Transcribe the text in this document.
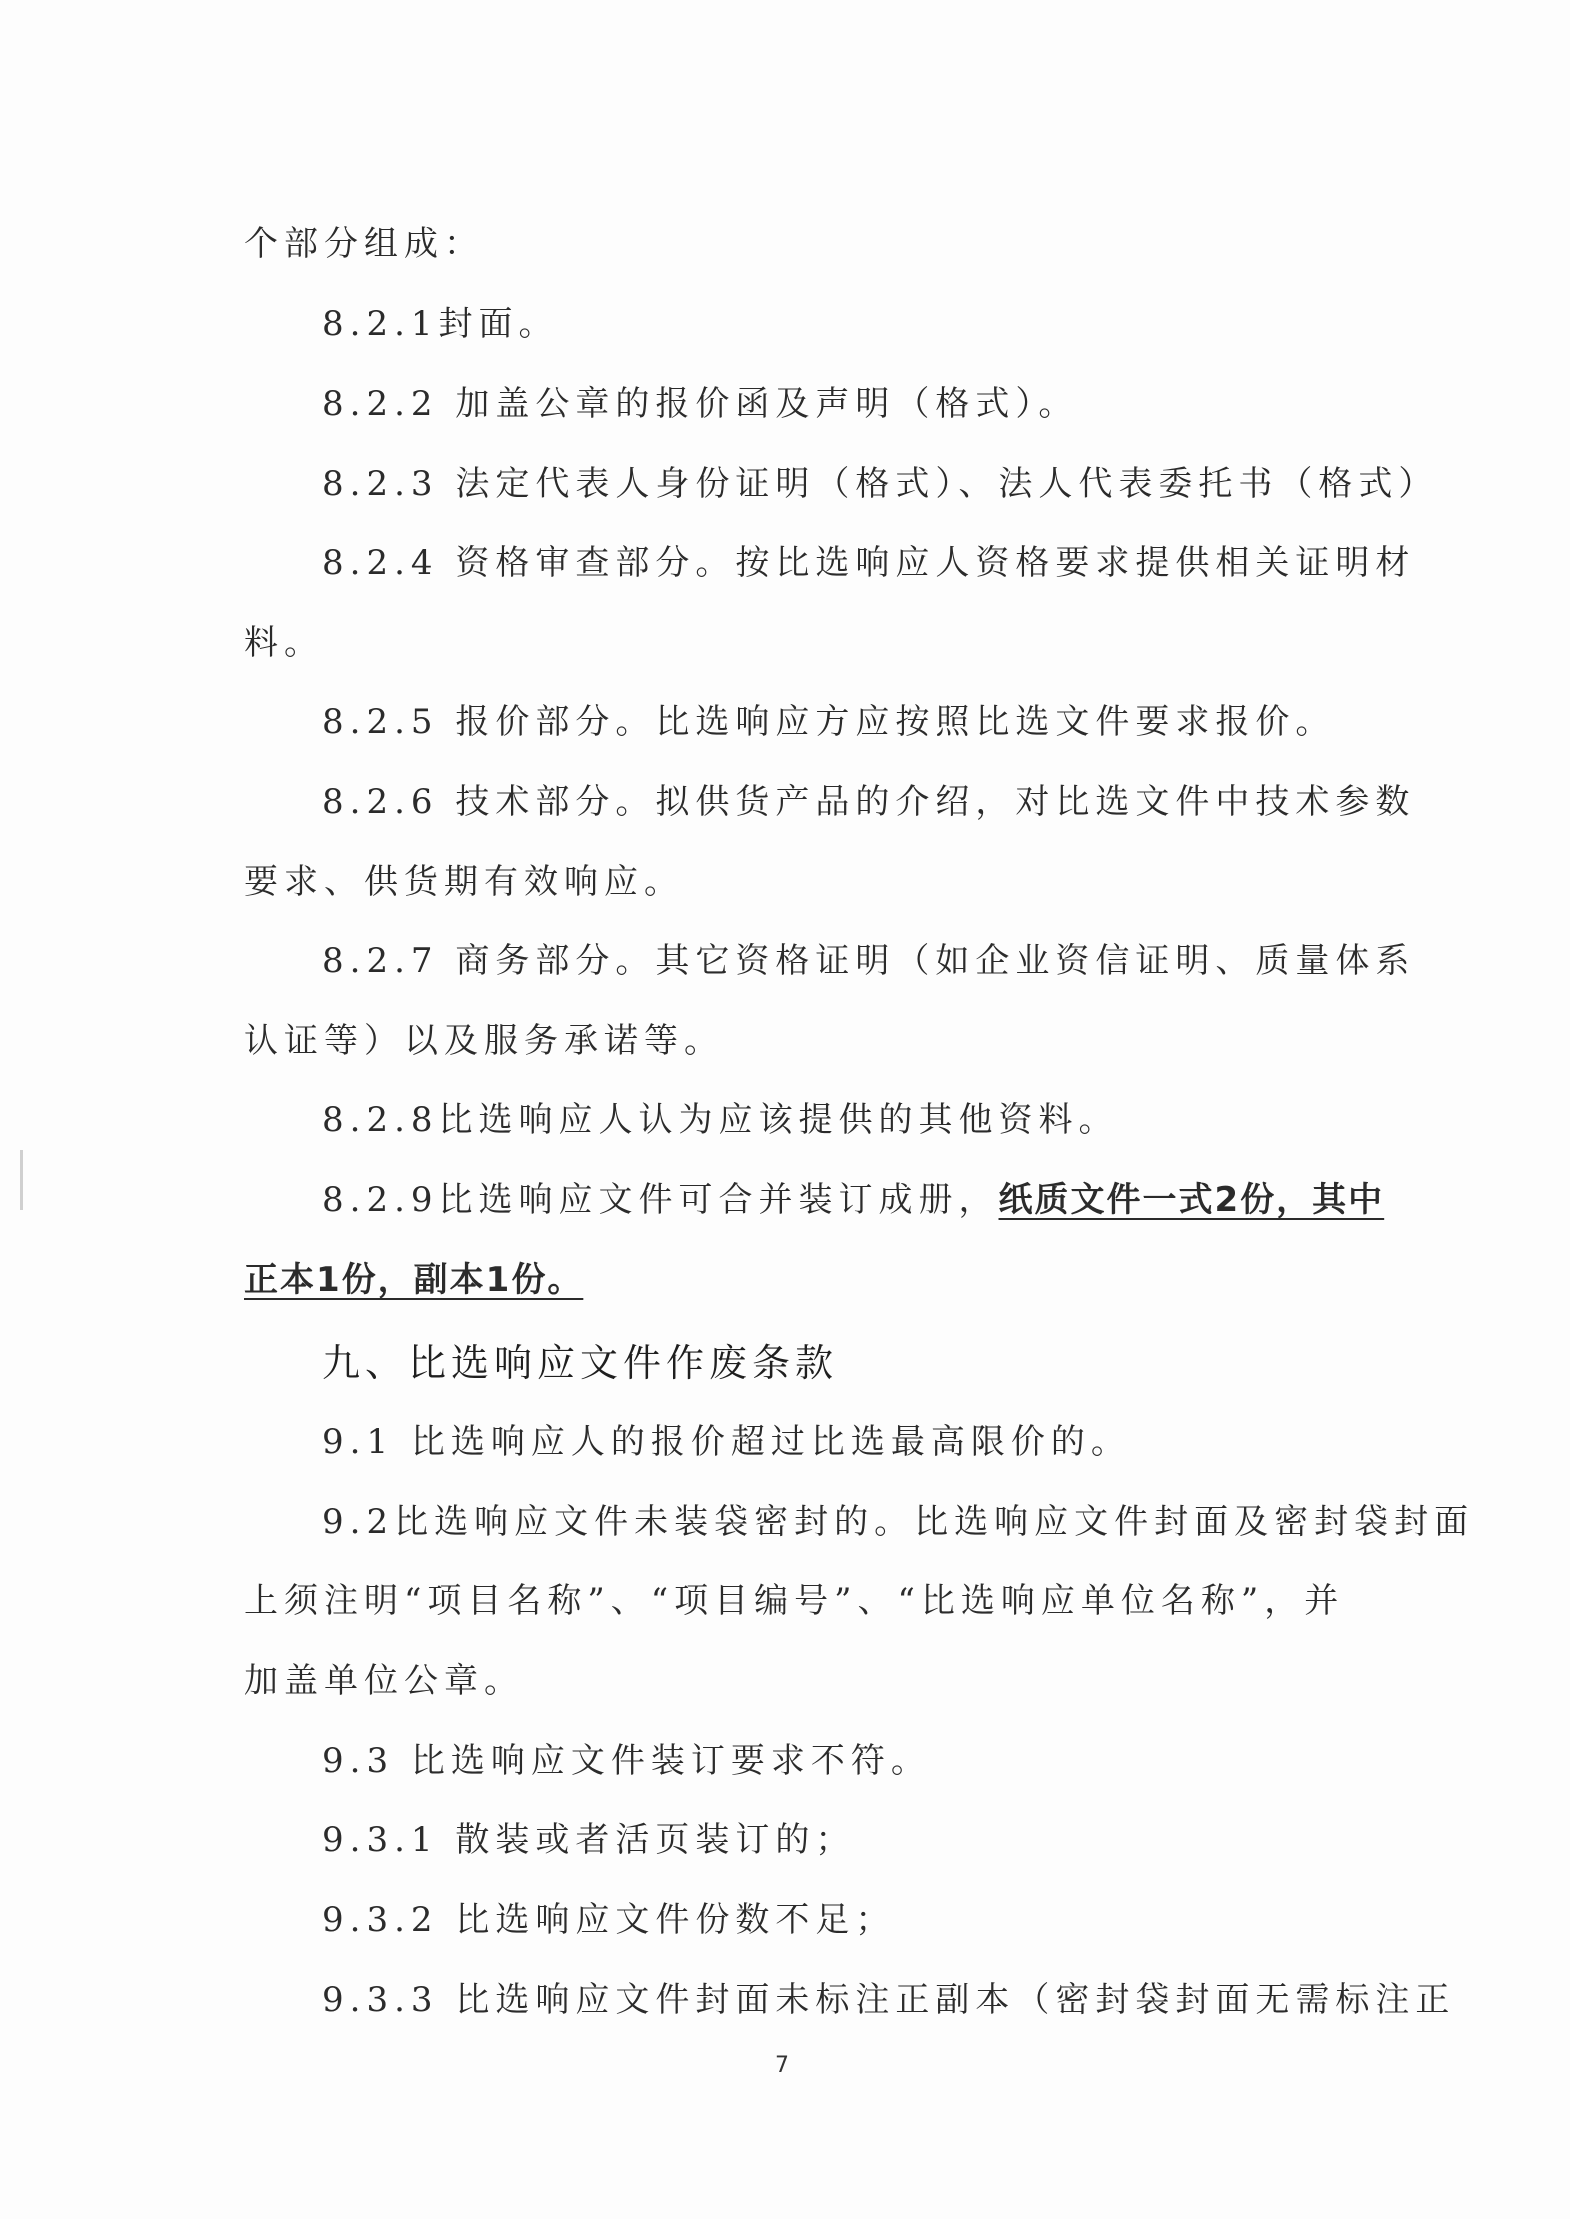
个部分组成：
8.2.1封面。
8.2.2 加盖公章的报价函及声明（格式）。
8.2.3 法定代表人身份证明（格式）、法人代表委托书（格式）
8.2.4 资格审查部分。按比选响应人资格要求提供相关证明材
料。
8.2.5 报价部分。比选响应方应按照比选文件要求报价。
8.2.6 技术部分。拟供货产品的介绍，对比选文件中技术参数
要求、供货期有效响应。
8.2.7 商务部分。其它资格证明（如企业资信证明、质量体系
认证等）以及服务承诺等。
8.2.8比选响应人认为应该提供的其他资料。
8.2.9比选响应文件可合并装订成册，纸质文件一式2份，其中
正本1份，副本1份。
九、比选响应文件作废条款
9.1 比选响应人的报价超过比选最高限价的。
9.2比选响应文件未装袋密封的。比选响应文件封面及密封袋封面
上须注明“项目名称”、“项目编号”、“比选响应单位名称”，并
加盖单位公章。
9.3 比选响应文件装订要求不符。
9.3.1 散装或者活页装订的；
9.3.2 比选响应文件份数不足；
9.3.3 比选响应文件封面未标注正副本（密封袋封面无需标注正
7
